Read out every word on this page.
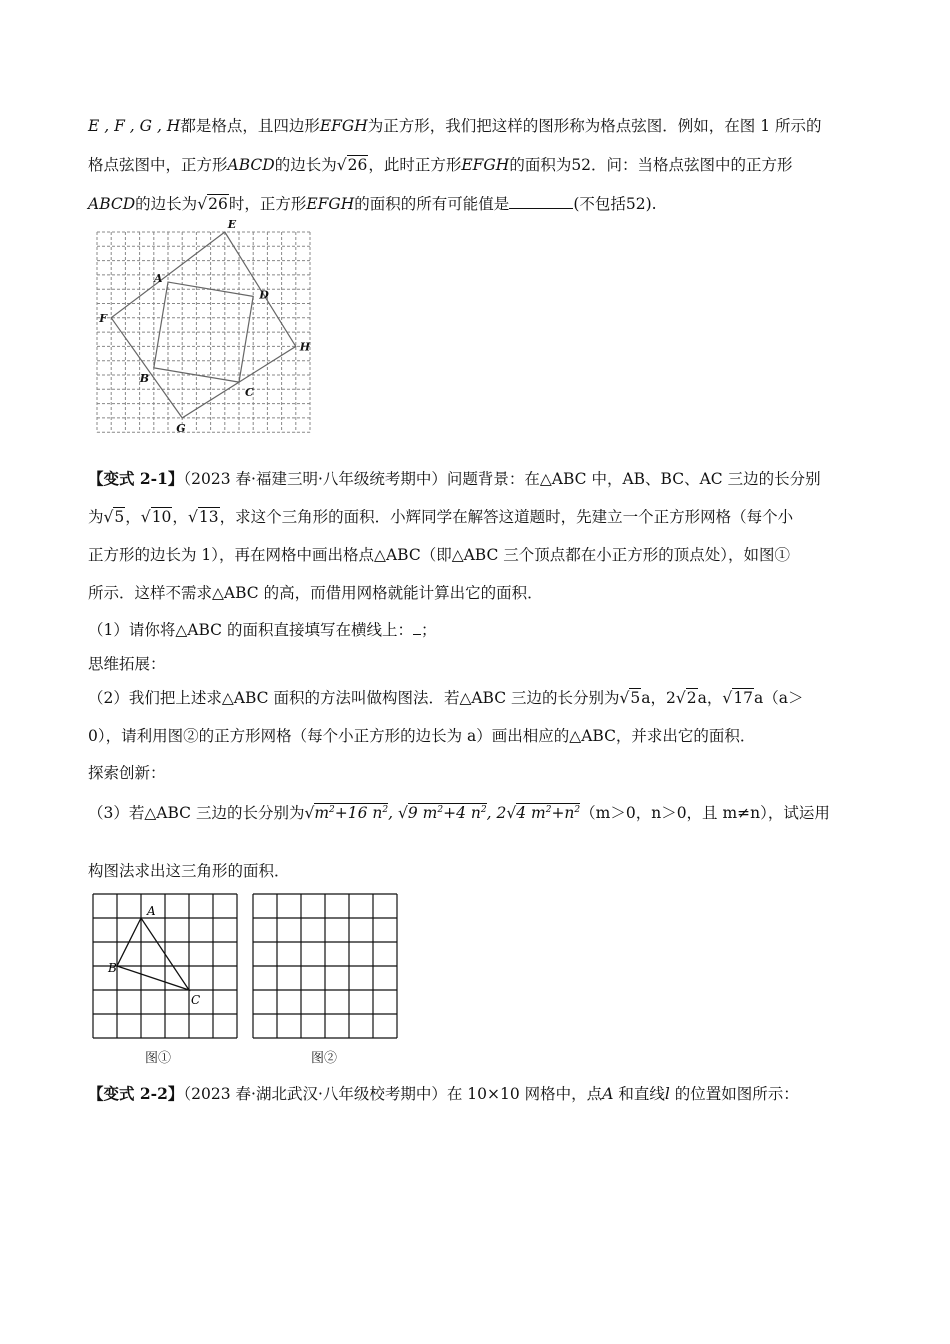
E , F , G , H都是格点，且四边形EFGH为正方形，我们把这样的图形称为格点弦图．例如，在图 1 所示的
格点弦图中，正方形ABCD的边长为√26，此时正方形EFGH的面积为52．问：当格点弦图中的正方形
ABCD的边长为√26时，正方形EFGH的面积的所有可能值是	(不包括52).
E
F
G
H
A
D
C
B
【变式 2-1】（2023 春·福建三明·八年级统考期中）问题背景：在△ABC 中，AB、BC、AC 三边的长分别
为√5，√10，√13，求这个三角形的面积．小辉同学在解答这道题时，先建立一个正方形网格（每个小
正方形的边长为 1），再在网格中画出格点△ABC（即△ABC 三个顶点都在小正方形的顶点处），如图①
所示．这样不需求△ABC 的高，而借用网格就能计算出它的面积．
（1）请你将△ABC 的面积直接填写在横线上： ；
思维拓展：
（2）我们把上述求△ABC 面积的方法叫做构图法．若△ABC 三边的长分别为√5a，2√2a，√17a（a＞
0），请利用图②的正方形网格（每个小正方形的边长为 a）画出相应的△ABC，并求出它的面积．
探索创新：
（3）若△ABC 三边的长分别为$√m^2+16$ $n^2$, √9 $m^2+4$ $n^2$, 2√4 $m^2+n^2(m>0$，n＞0，且 m≠n），试运用
构图法求出这三角形的面积．
A
B
C
图①	图②
【变式 2-2】（2023 春·湖北武汉·八年级校考期中）在 10×10 网格中，点A 和直线l 的位置如图所示：
